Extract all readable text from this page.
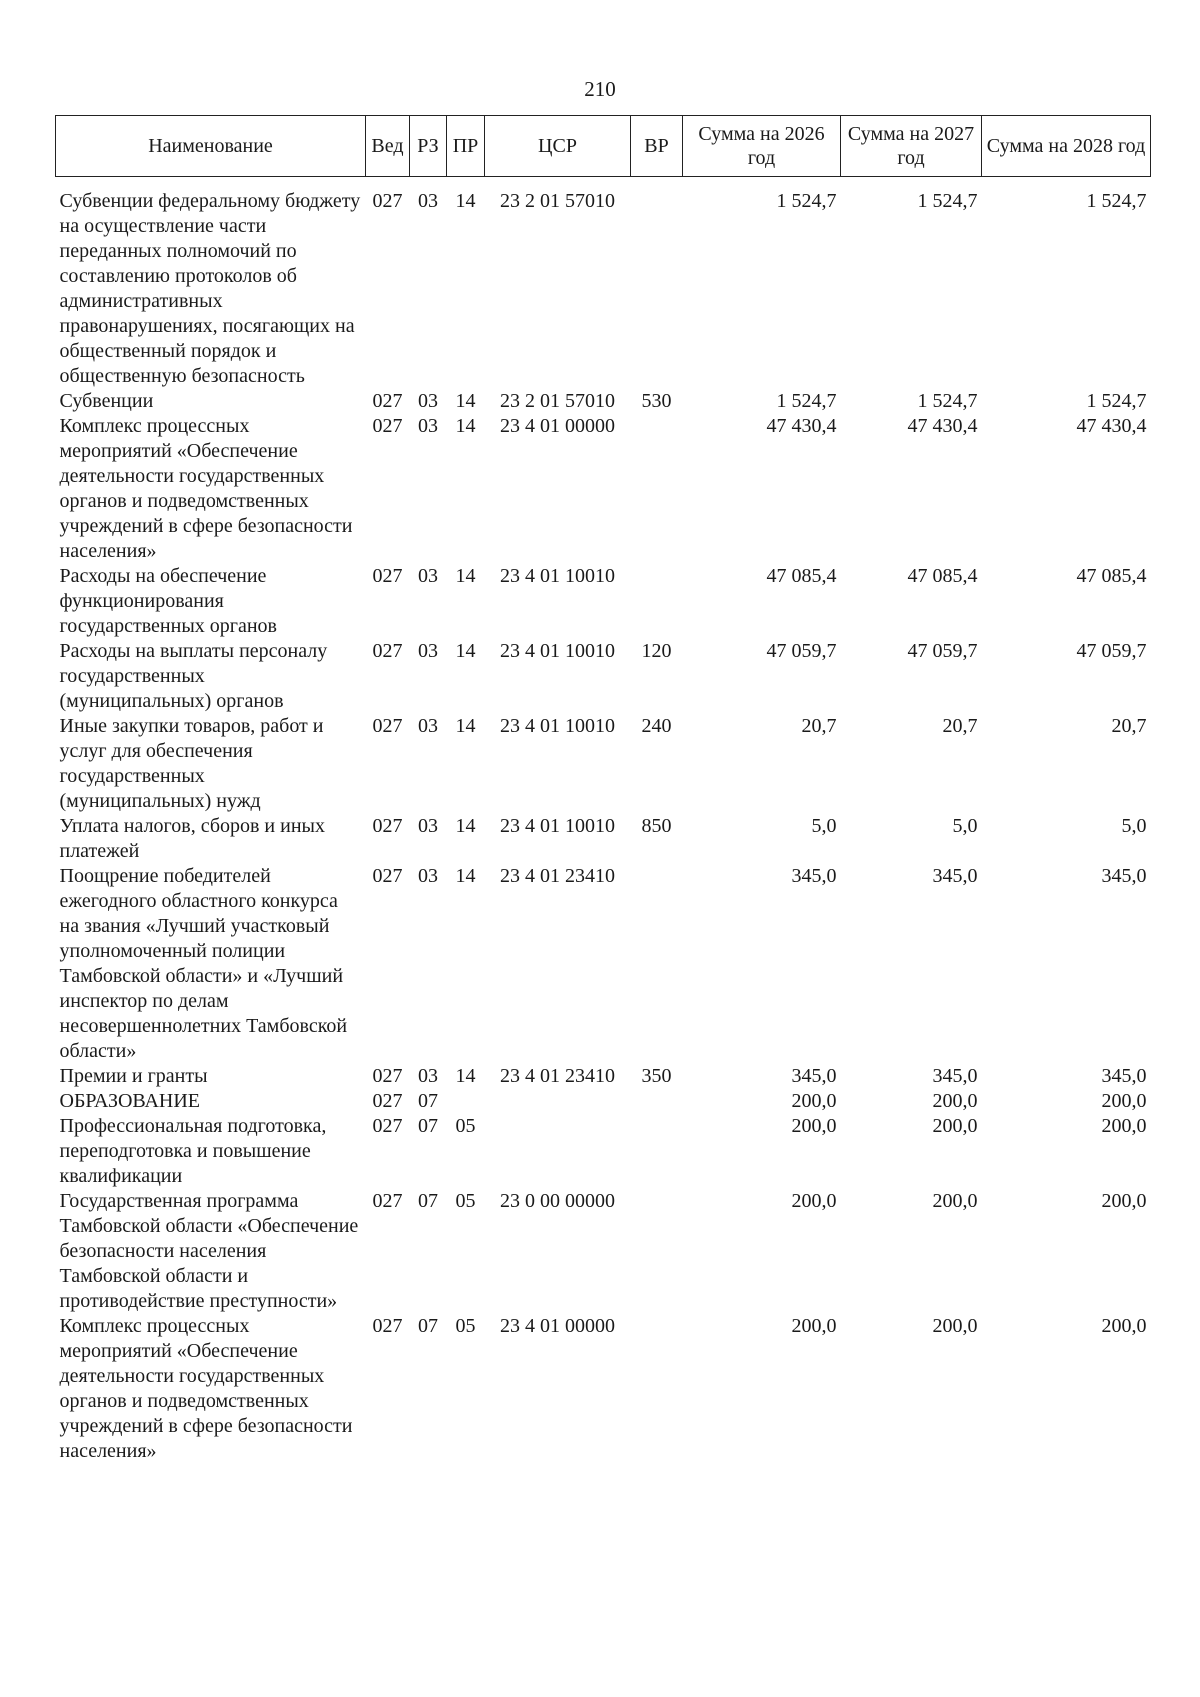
210
Наименование	Вед	РЗ	ПР	ЦСР	ВР	Сумма на 2026 год	Сумма на 2027 год	Сумма на 2028 год
Субвенции федеральному бюджету на осуществление части переданных полномочий по составлению протоколов об административных правонарушениях, посягающих на общественный порядок и общественную безопасность	027	03	14	23 2 01 57010		1 524,7	1 524,7	1 524,7
Субвенции	027	03	14	23 2 01 57010	530	1 524,7	1 524,7	1 524,7
Комплекс процессных мероприятий «Обеспечение деятельности государственных органов и подведомственных учреждений в сфере безопасности населения»	027	03	14	23 4 01 00000		47 430,4	47 430,4	47 430,4
Расходы на обеспечение функционирования государственных органов	027	03	14	23 4 01 10010		47 085,4	47 085,4	47 085,4
Расходы на выплаты персоналу государственных (муниципальных) органов	027	03	14	23 4 01 10010	120	47 059,7	47 059,7	47 059,7
Иные закупки товаров, работ и услуг для обеспечения государственных (муниципальных) нужд	027	03	14	23 4 01 10010	240	20,7	20,7	20,7
Уплата налогов, сборов и иных платежей	027	03	14	23 4 01 10010	850	5,0	5,0	5,0
Поощрение победителей ежегодного областного конкурса на звания «Лучший участковый уполномоченный полиции Тамбовской области» и «Лучший инспектор по делам несовершеннолетних Тамбовской области»	027	03	14	23 4 01 23410		345,0	345,0	345,0
Премии и гранты	027	03	14	23 4 01 23410	350	345,0	345,0	345,0
ОБРАЗОВАНИЕ	027	07				200,0	200,0	200,0
Профессиональная подготовка, переподготовка и повышение квалификации	027	07	05			200,0	200,0	200,0
Государственная программа Тамбовской области «Обеспечение безопасности населения Тамбовской области и противодействие преступности»	027	07	05	23 0 00 00000		200,0	200,0	200,0
Комплекс процессных мероприятий «Обеспечение деятельности государственных органов и подведомственных учреждений в сфере безопасности населения»	027	07	05	23 4 01 00000		200,0	200,0	200,0
